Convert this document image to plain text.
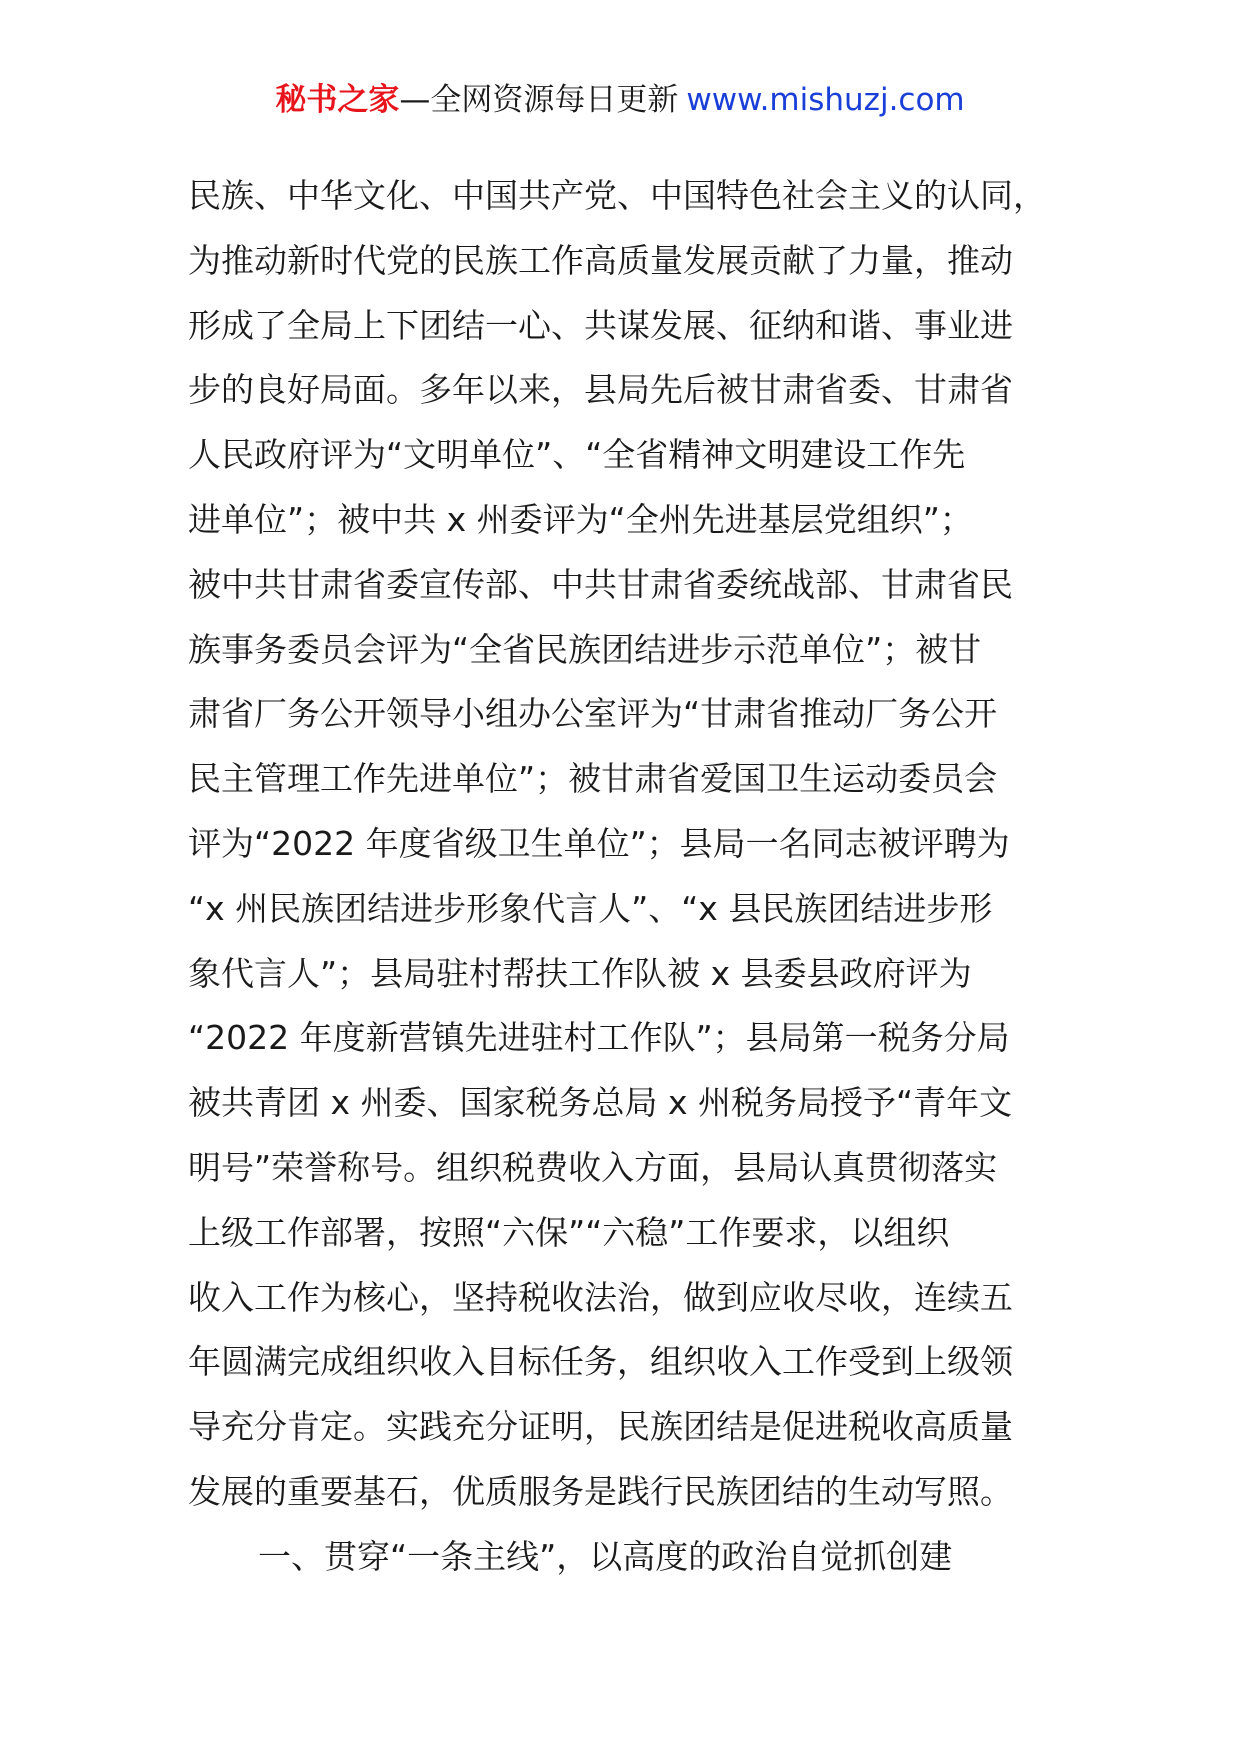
秘书之家—全网资源每日更新 www.mishuzj.com
民族、中华文化、中国共产党、中国特色社会主义的认同，
为推动新时代党的民族工作高质量发展贡献了力量，推动
形成了全局上下团结一心、共谋发展、征纳和谐、事业进
步的良好局面。多年以来，县局先后被甘肃省委、甘肃省
人民政府评为“文明单位”、“全省精神文明建设工作先
进单位”；被中共 x 州委评为“全州先进基层党组织”；
被中共甘肃省委宣传部、中共甘肃省委统战部、甘肃省民
族事务委员会评为“全省民族团结进步示范单位”；被甘
肃省厂务公开领导小组办公室评为“甘肃省推动厂务公开
民主管理工作先进单位”；被甘肃省爱国卫生运动委员会
评为“2022 年度省级卫生单位”；县局一名同志被评聘为
“x 州民族团结进步形象代言人”、“x 县民族团结进步形
象代言人”；县局驻村帮扶工作队被 x 县委县政府评为
“2022 年度新营镇先进驻村工作队”；县局第一税务分局
被共青团 x 州委、国家税务总局 x 州税务局授予“青年文
明号”荣誉称号。组织税费收入方面，县局认真贯彻落实
上级工作部署，按照“六保”“六稳”工作要求，以组织
收入工作为核心，坚持税收法治，做到应收尽收，连续五
年圆满完成组织收入目标任务，组织收入工作受到上级领
导充分肯定。实践充分证明，民族团结是促进税收高质量
发展的重要基石，优质服务是践行民族团结的生动写照。
一、贯穿“一条主线”，以高度的政治自觉抓创建
